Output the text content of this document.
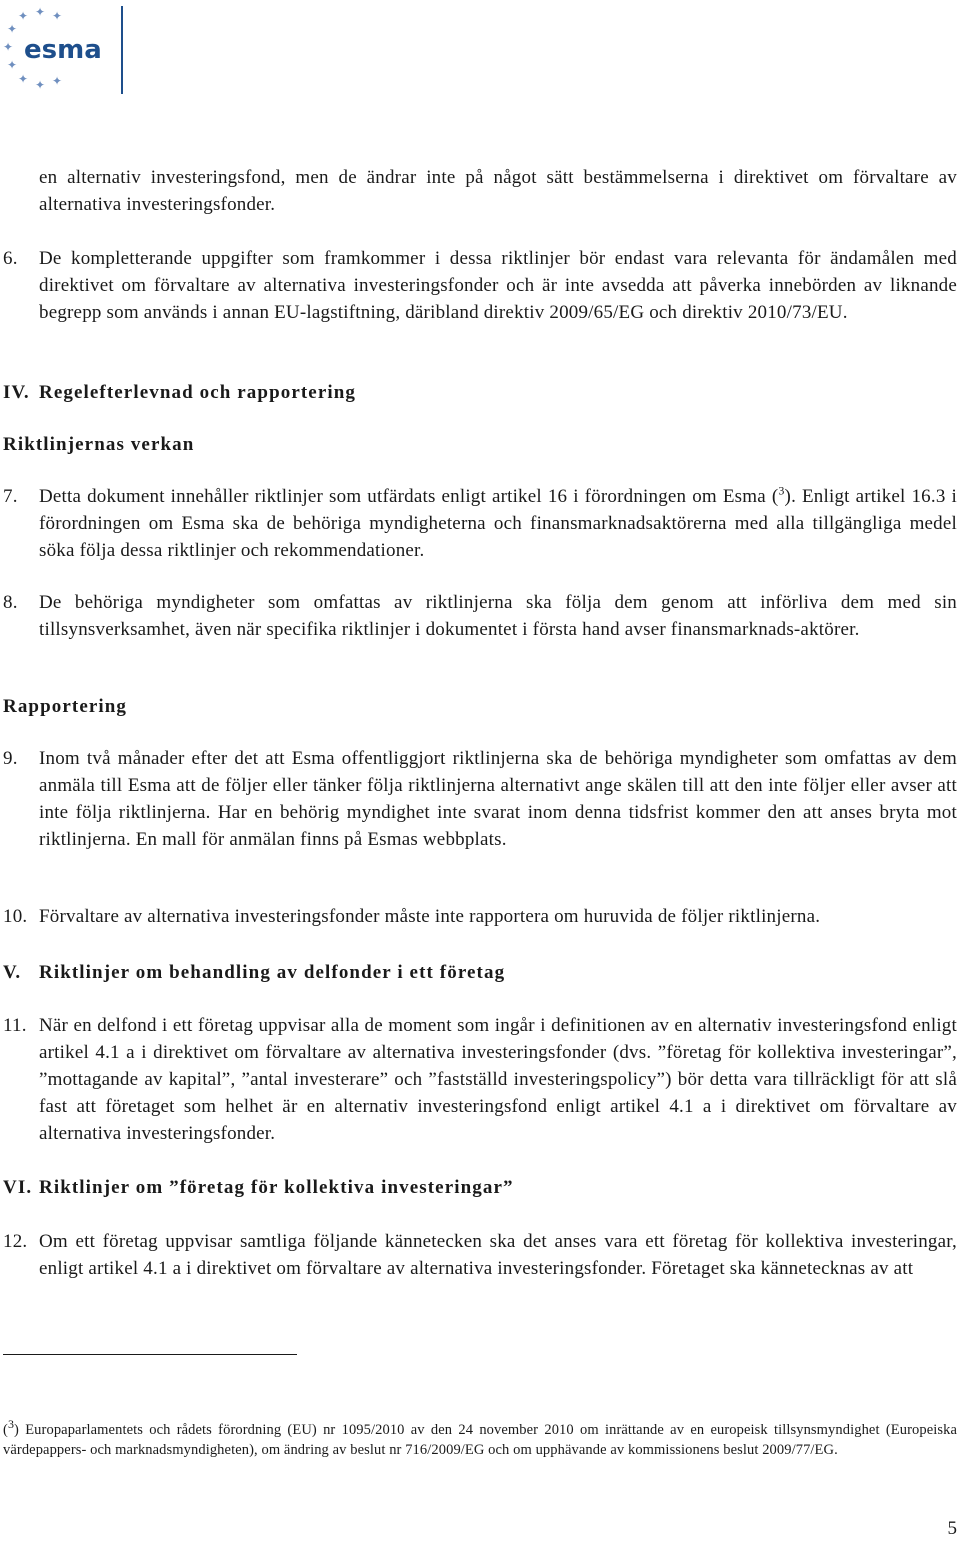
✦ ✦
✦
✦
✦
✦
✦ ✦ ✦
esma
en alternativ investeringsfond, men de ändrar inte på något sätt bestämmelserna i direktivet om förvaltare av alternativa investeringsfonder.
6. De kompletterande uppgifter som framkommer i dessa riktlinjer bör endast vara relevanta för ändamålen med direktivet om förvaltare av alternativa investeringsfonder och är inte avsedda att påverka innebörden av liknande begrepp som används i annan EU-lagstiftning, däribland direktiv 2009/65/EG och direktiv 2010/73/EU.
IV. Regelefterlevnad och rapportering
Riktlinjernas verkan
7. Detta dokument innehåller riktlinjer som utfärdats enligt artikel 16 i förordningen om Esma ($^3$). Enligt artikel 16.3 i förordningen om Esma ska de behöriga myndigheterna och finansmarknadsaktörerna med alla tillgängliga medel söka följa dessa riktlinjer och rekommendationer.
8. De behöriga myndigheter som omfattas av riktlinjerna ska följa dem genom att införliva dem med sin tillsynsverksamhet, även när specifika riktlinjer i dokumentet i första hand avser finansmarknads-aktörer.
Rapportering
9. Inom två månader efter det att Esma offentliggjort riktlinjerna ska de behöriga myndigheter som omfattas av dem anmäla till Esma att de följer eller tänker följa riktlinjerna alternativt ange skälen till att den inte följer eller avser att inte följa riktlinjerna. Har en behörig myndighet inte svarat inom denna tidsfrist kommer den att anses bryta mot riktlinjerna. En mall för anmälan finns på Esmas webbplats.
10. Förvaltare av alternativa investeringsfonder måste inte rapportera om huruvida de följer riktlinjerna.
V. Riktlinjer om behandling av delfonder i ett företag
11. När en delfond i ett företag uppvisar alla de moment som ingår i definitionen av en alternativ investeringsfond enligt artikel 4.1 a i direktivet om förvaltare av alternativa investeringsfonder (dvs. ”företag för kollektiva investeringar”, ”mottagande av kapital”, ”antal investerare” och ”fastställd investeringspolicy”) bör detta vara tillräckligt för att slå fast att företaget som helhet är en alternativ investeringsfond enligt artikel 4.1 a i direktivet om förvaltare av alternativa investeringsfonder.
VI. Riktlinjer om ”företag för kollektiva investeringar”
12. Om ett företag uppvisar samtliga följande kännetecken ska det anses vara ett företag för kollektiva investeringar, enligt artikel 4.1 a i direktivet om förvaltare av alternativa investeringsfonder. Företaget ska kännetecknas av att
($^3$) Europaparlamentets och rådets förordning (EU) nr 1095/2010 av den 24 november 2010 om inrättande av en europeisk tillsynsmyndighet (Europeiska värdepappers- och marknadsmyndigheten), om ändring av beslut nr 716/2009/EG och om upphävande av kommissionens beslut 2009/77/EG.
5
